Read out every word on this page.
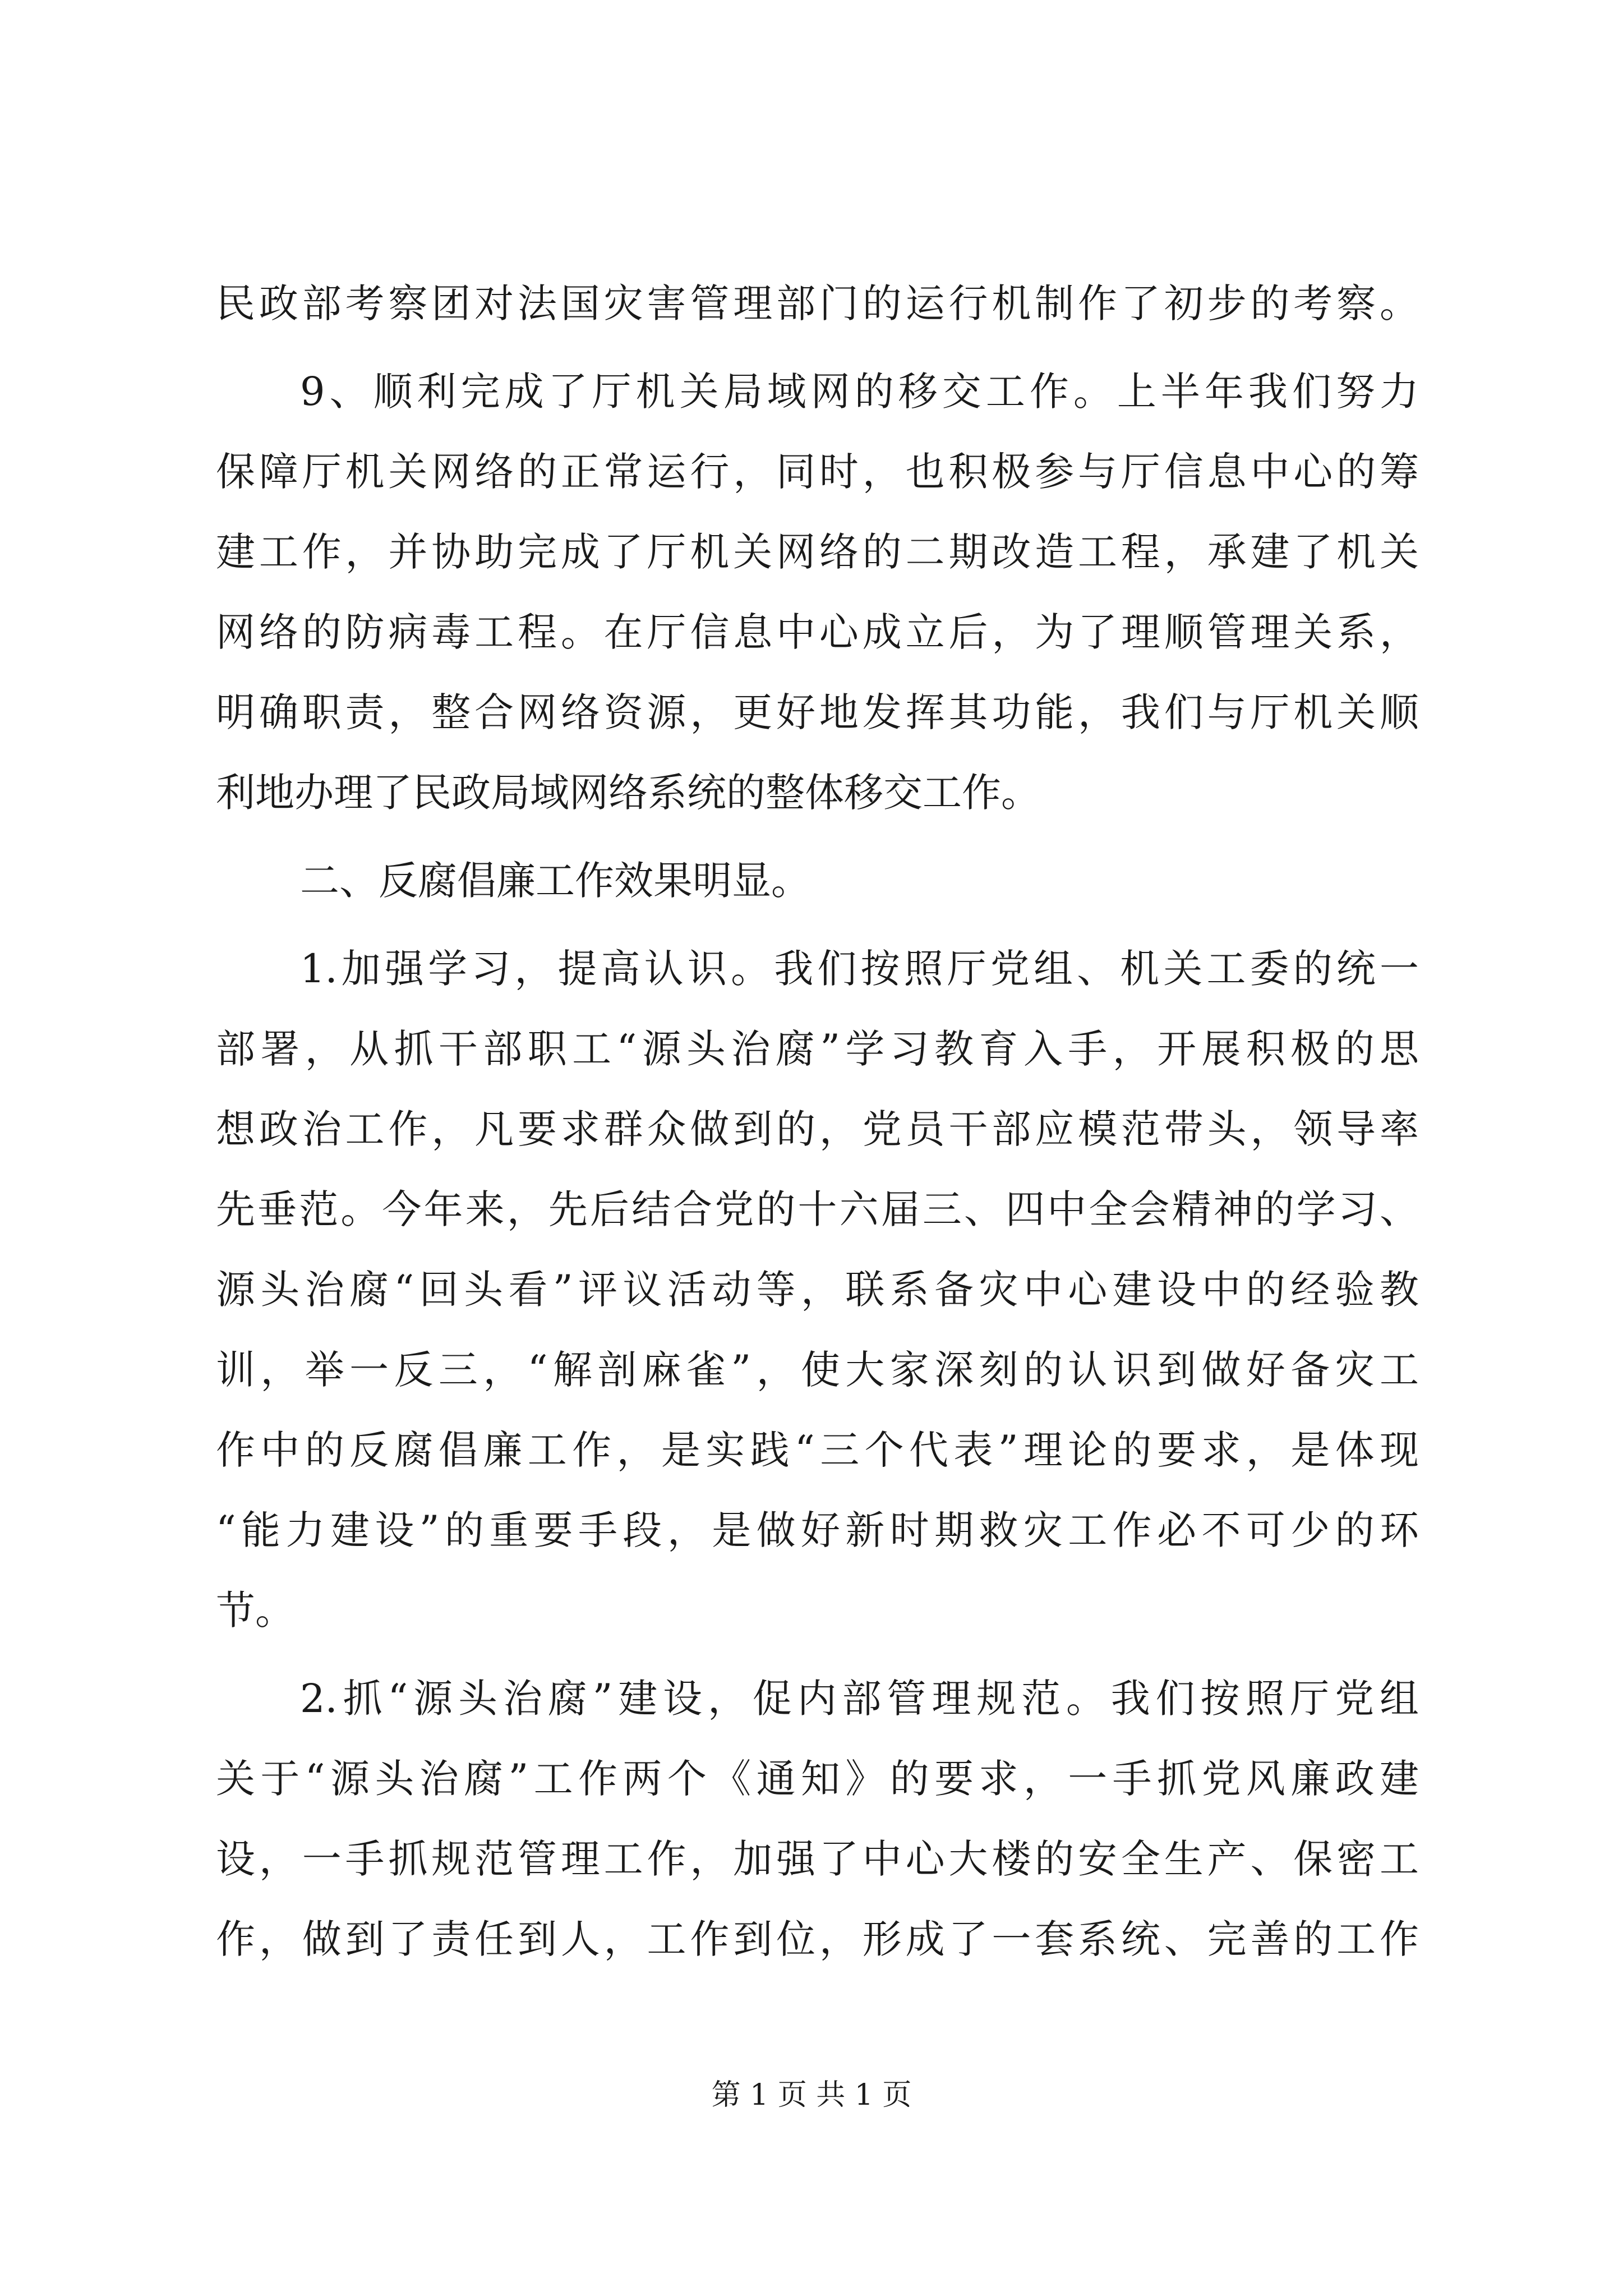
民政部考察团对法国灾害管理部门的运行机制作了初步的考察。
9、顺利完成了厅机关局域网的移交工作。上半年我们努力
保障厅机关网络的正常运行，同时，也积极参与厅信息中心的筹
建工作，并协助完成了厅机关网络的二期改造工程，承建了机关
网络的防病毒工程。在厅信息中心成立后，为了理顺管理关系，
明确职责，整合网络资源，更好地发挥其功能，我们与厅机关顺
利地办理了民政局域网络系统的整体移交工作。
二、反腐倡廉工作效果明显。
1.加强学习，提高认识。我们按照厅党组、机关工委的统一
部署，从抓干部职工“源头治腐”学习教育入手，开展积极的思
想政治工作，凡要求群众做到的，党员干部应模范带头，领导率
先垂范。今年来，先后结合党的十六届三、四中全会精神的学习、
源头治腐“回头看”评议活动等，联系备灾中心建设中的经验教
训，举一反三，“解剖麻雀”，使大家深刻的认识到做好备灾工
作中的反腐倡廉工作，是实践“三个代表”理论的要求，是体现
“能力建设”的重要手段，是做好新时期救灾工作必不可少的环
节。
2.抓“源头治腐”建设，促内部管理规范。我们按照厅党组
关于“源头治腐”工作两个《通知》的要求，一手抓党风廉政建
设，一手抓规范管理工作，加强了中心大楼的安全生产、保密工
作，做到了责任到人，工作到位，形成了一套系统、完善的工作
第 1 页 共 1 页
